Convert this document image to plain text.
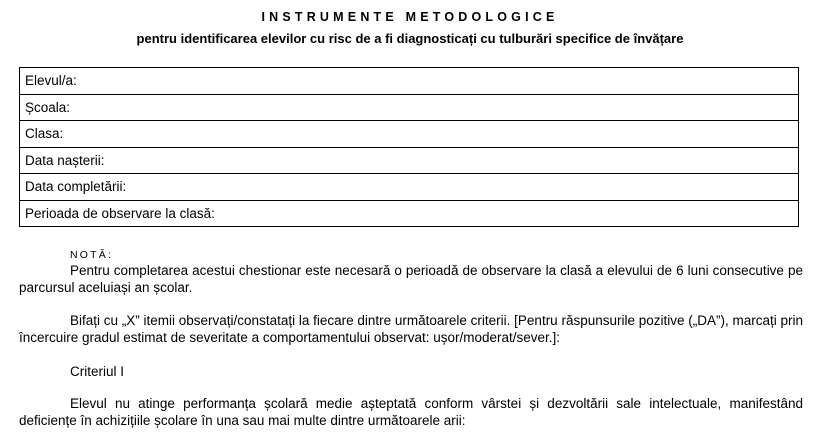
INSTRUMENTE METODOLOGICE
pentru identificarea elevilor cu risc de a fi diagnosticați cu tulburări specifice de învățare
Elevul/a:
Școala:
Clasa:
Data nașterii:
Data completării:
Perioada de observare la clasă:
NOTĂ:
Pentru completarea acestui chestionar este necesară o perioadă de observare la clasă a elevului de 6 luni consecutive pe parcursul aceluiași an școlar.
Bifați cu „X” itemii observați/constatați la fiecare dintre următoarele criterii. [Pentru răspunsurile pozitive („DA”), marcați prin încercuire gradul estimat de severitate a comportamentului observat: ușor/moderat/sever.]:
Criteriul I
Elevul nu atinge performanța școlară medie așteptată conform vârstei și dezvoltării sale intelectuale, manifestând deficiențe în achizițiile școlare în una sau mai multe dintre următoarele arii:
